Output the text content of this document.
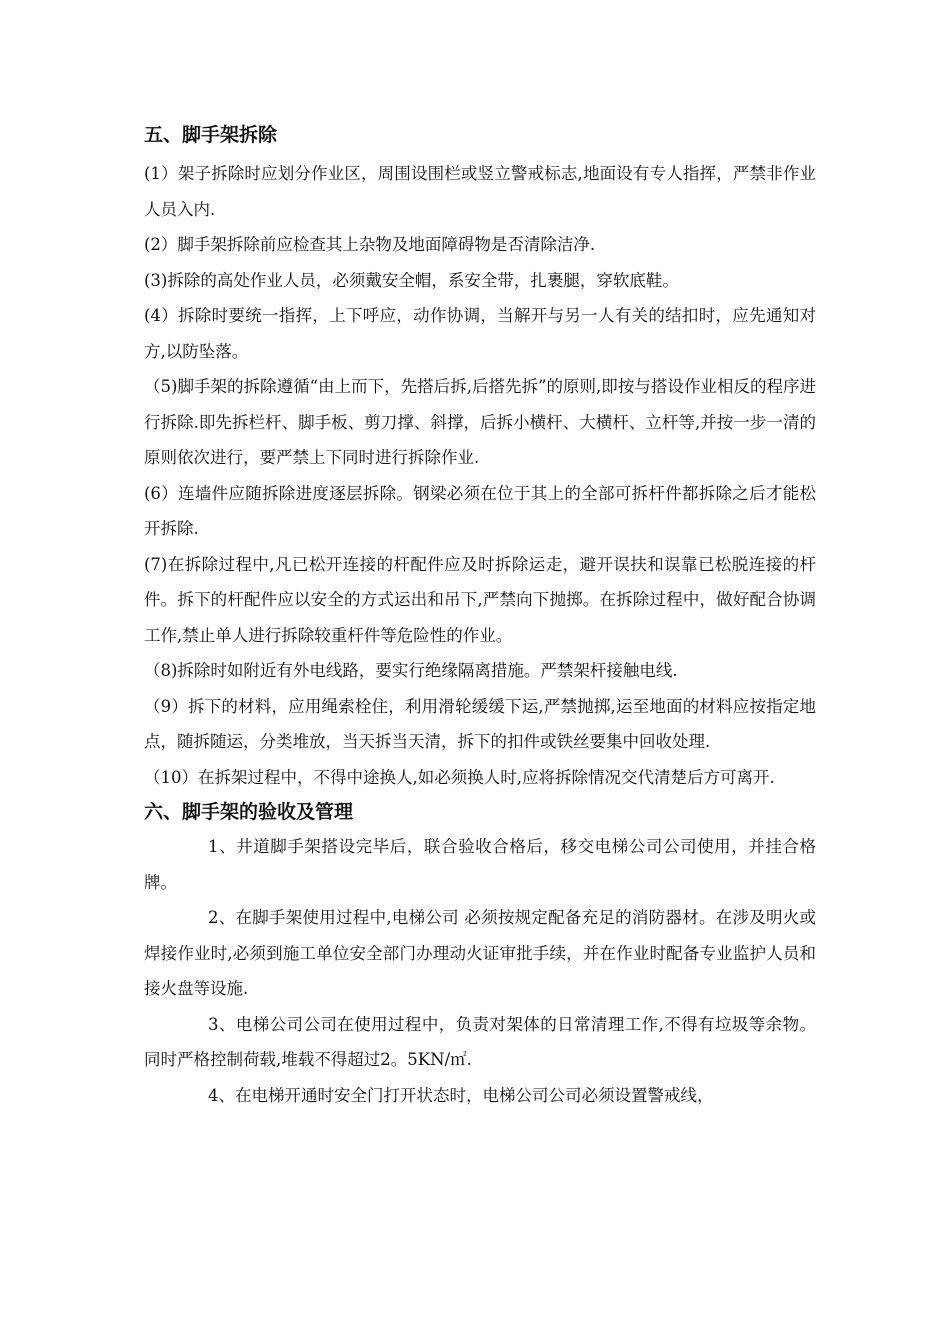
五、脚手架拆除

(1）架子拆除时应划分作业区，周围设围栏或竖立警戒标志,地面设有专人指挥，严禁非作业人员入内.

(2）脚手架拆除前应检查其上杂物及地面障碍物是否清除洁净.

(3)拆除的高处作业人员，必须戴安全帽，系安全带，扎裹腿，穿软底鞋。

(4）拆除时要统一指挥，上下呼应，动作协调，当解开与另一人有关的结扣时，应先通知对方,以防坠落。

（5)脚手架的拆除遵循“由上而下，先搭后拆,后搭先拆”的原则,即按与搭设作业相反的程序进行拆除.即先拆栏杆、脚手板、剪刀撑、斜撑，后拆小横杆、大横杆、立杆等,并按一步一清的原则依次进行，要严禁上下同时进行拆除作业.

(6）连墙件应随拆除进度逐层拆除。钢梁必须在位于其上的全部可拆杆件都拆除之后才能松开拆除.

(7)在拆除过程中,凡已松开连接的杆配件应及时拆除运走，避开误扶和误靠已松脱连接的杆件。拆下的杆配件应以安全的方式运出和吊下,严禁向下抛掷。在拆除过程中，做好配合协调工作,禁止单人进行拆除较重杆件等危险性的作业。

（8)拆除时如附近有外电线路，要实行绝缘隔离措施。严禁架杆接触电线.

（9）拆下的材料，应用绳索栓住，利用滑轮缓缓下运,严禁抛掷,运至地面的材料应按指定地点，随拆随运，分类堆放，当天拆当天清，拆下的扣件或铁丝要集中回收处理.

（10）在拆架过程中，不得中途换人,如必须换人时,应将拆除情况交代清楚后方可离开.

六、脚手架的验收及管理

1、井道脚手架搭设完毕后，联合验收合格后，移交电梯公司公司使用，并挂合格牌。

2、在脚手架使用过程中,电梯公司 必须按规定配备充足的消防器材。在涉及明火或焊接作业时,必须到施工单位安全部门办理动火证审批手续，并在作业时配备专业监护人员和接火盘等设施.

3、电梯公司公司在使用过程中，负责对架体的日常清理工作,不得有垃圾等余物。同时严格控制荷载,堆载不得超过2。5KN/㎡.

4、在电梯开通时安全门打开状态时，电梯公司公司必须设置警戒线，
